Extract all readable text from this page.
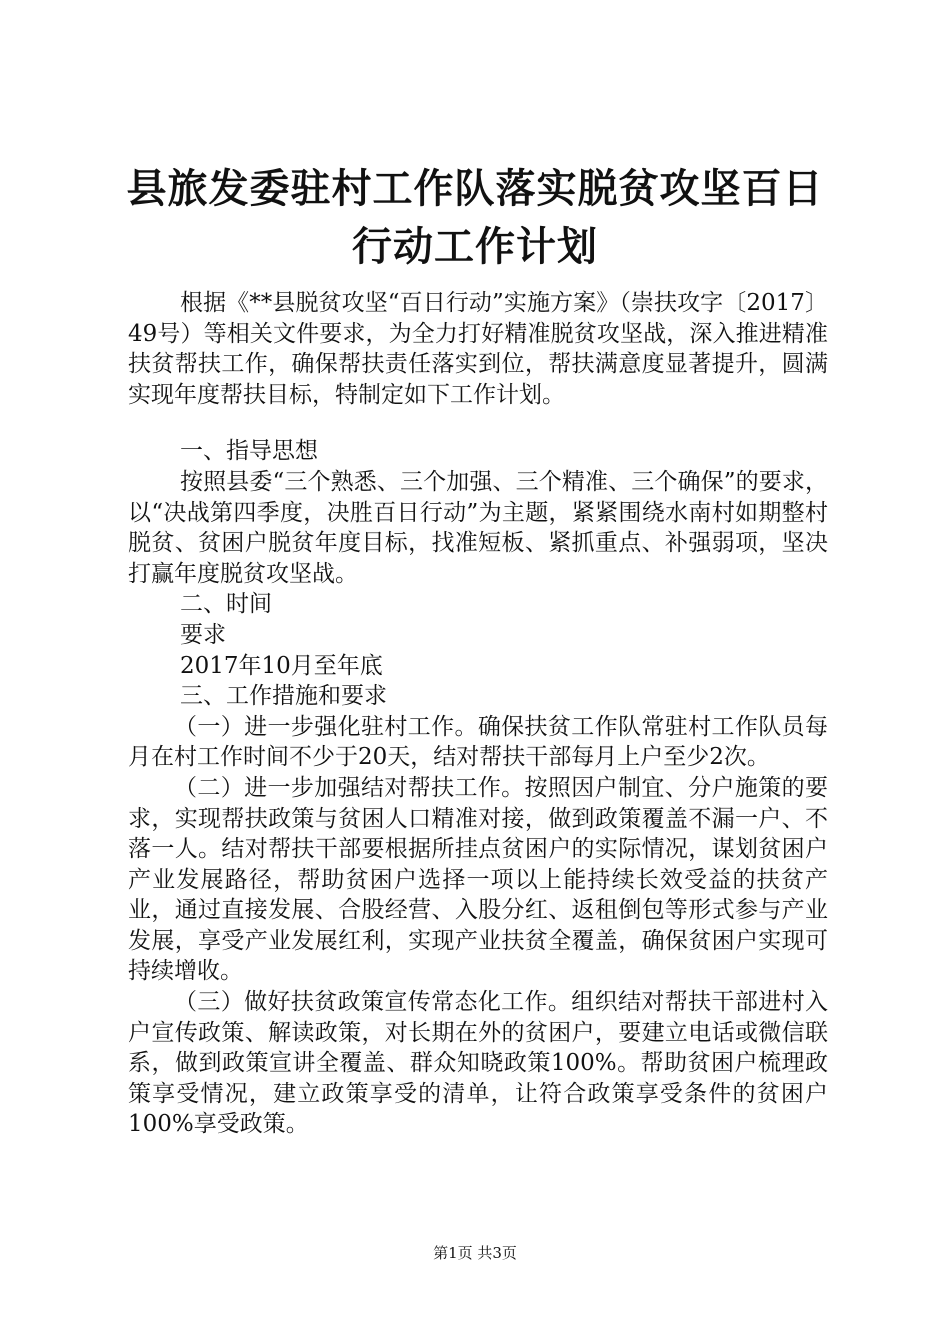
县旅发委驻村工作队落实脱贫攻坚百日行动工作计划

根据《**县脱贫攻坚“百日行动”实施方案》（崇扶攻字〔2017〕49号）等相关文件要求，为全力打好精准脱贫攻坚战，深入推进精准扶贫帮扶工作，确保帮扶责任落实到位，帮扶满意度显著提升，圆满实现年度帮扶目标，特制定如下工作计划。

一、指导思想

按照县委“三个熟悉、三个加强、三个精准、三个确保”的要求，以“决战第四季度，决胜百日行动”为主题，紧紧围绕水南村如期整村脱贫、贫困户脱贫年度目标，找准短板、紧抓重点、补强弱项，坚决打赢年度脱贫攻坚战。

二、时间

要求

2017年10月至年底

三、工作措施和要求

（一）进一步强化驻村工作。确保扶贫工作队常驻村工作队员每月在村工作时间不少于20天，结对帮扶干部每月上户至少2次。

（二）进一步加强结对帮扶工作。按照因户制宜、分户施策的要求，实现帮扶政策与贫困人口精准对接，做到政策覆盖不漏一户、不落一人。结对帮扶干部要根据所挂点贫困户的实际情况，谋划贫困户产业发展路径，帮助贫困户选择一项以上能持续长效受益的扶贫产业，通过直接发展、合股经营、入股分红、返租倒包等形式参与产业发展，享受产业发展红利，实现产业扶贫全覆盖，确保贫困户实现可持续增收。

（三）做好扶贫政策宣传常态化工作。组织结对帮扶干部进村入户宣传政策、解读政策，对长期在外的贫困户，要建立电话或微信联系，做到政策宣讲全覆盖、群众知晓政策100%。帮助贫困户梳理政策享受情况，建立政策享受的清单，让符合政策享受条件的贫困户100%享受政策。

第1页 共3页
